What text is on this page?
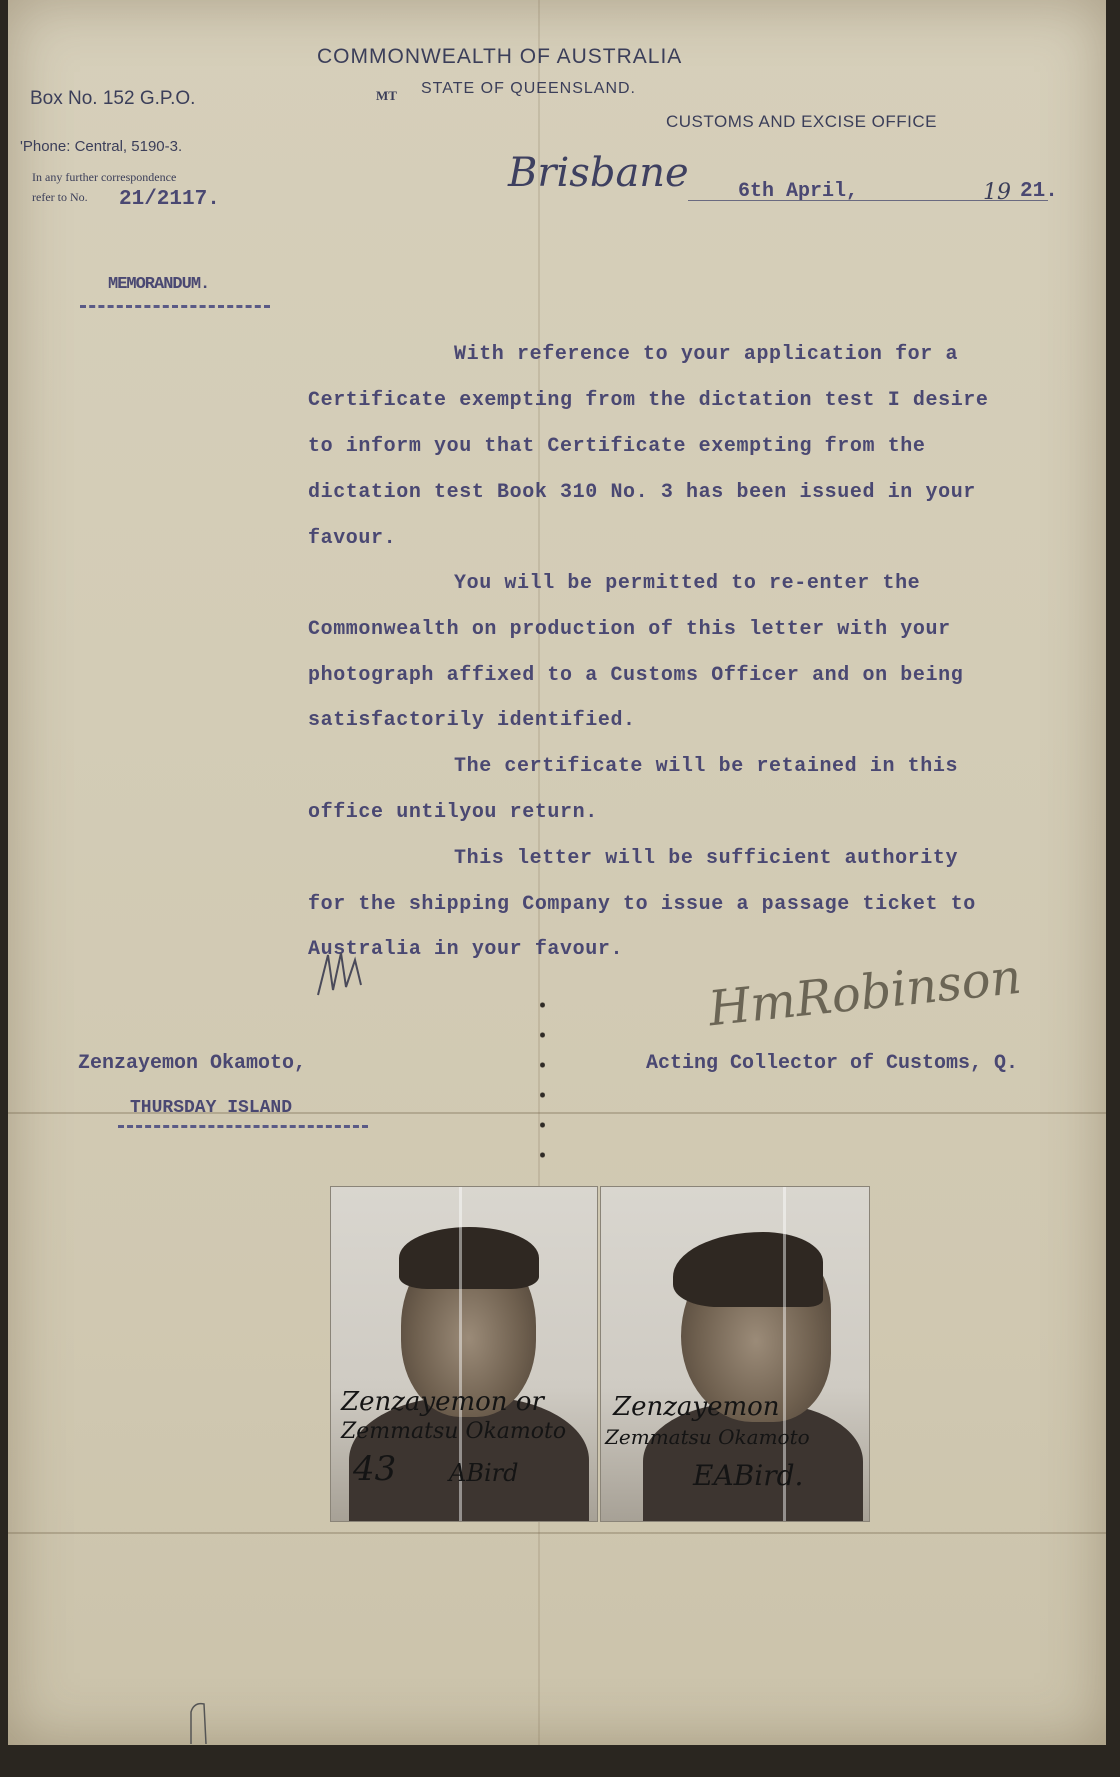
Box No. 152 G.P.O.
'Phone: Central, 5190-3.
In any further correspondence
refer to No. 21/2117.
COMMONWEALTH OF AUSTRALIA
MT STATE OF QUEENSLAND.
CUSTOMS AND EXCISE OFFICE
Brisbane 6th April,	19 21.
MEMORANDUM.
With reference to your application for a
Certificate exempting from the dictation test I desire
to inform you that Certificate exempting from the
dictation test Book 310 No. 3 has been issued in your
favour.
You will be permitted to re-enter the
Commonwealth on production of this letter with your
photograph affixed to a Customs Officer and on being
satisfactorily identified.
The certificate will be retained in this
office untilyou return.
This letter will be sufficient authority
for the shipping Company to issue a passage ticket to
Australia in your favour. HmRobinson
Acting Collector of Customs, Q.
Zenzayemon Okamoto,
THURSDAY ISLAND
Zenzayemon or
Zemmatsu Okamoto
43 ABird
Zenzayemon
Zemmatsu Okamoto
EABird.
